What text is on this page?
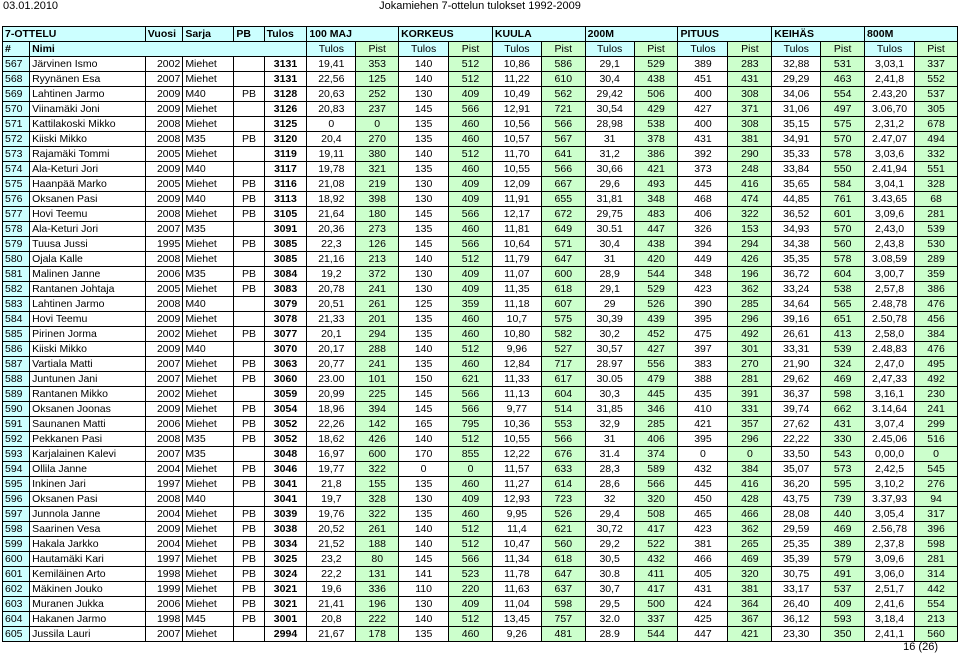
03.01.2010	Jokamiehen 7-ottelun tulokset 1992-2009
7-OTTELU		Vuosi	Sarja	PB	Tulos	100 MAJ		KORKEUS		KUULA		200M		PITUUS		KEIHÄS		800M	
#	Nimi					Tulos	Pist	Tulos	Pist	Tulos	Pist	Tulos	Pist	Tulos	Pist	Tulos	Pist	Tulos	Pist
567	Järvinen Ismo	2002	Miehet		3131	19,41	353	140	512	10,86	586	29,1	529	389	283	32,88	531	3,03,1	337
568	Ryynänen Esa	2007	Miehet		3131	22,56	125	140	512	11,22	610	30,4	438	451	431	29,29	463	2,41,8	552
569	Lahtinen Jarmo	2009	M40	PB	3128	20,63	252	130	409	10,49	562	29,42	506	400	308	34,06	554	2.43,20	537
570	Viinamäki Joni	2009	Miehet		3126	20,83	237	145	566	12,91	721	30,54	429	427	371	31,06	497	3.06,70	305
571	Kattilakoski Mikko	2008	Miehet		3125	0	0	135	460	10,56	566	28,98	538	400	308	35,15	575	2,31,2	678
572	Kiiski Mikko	2008	M35	PB	3120	20,4	270	135	460	10,57	567	31	378	431	381	34,91	570	2.47,07	494
573	Rajamäki Tommi	2005	Miehet		3119	19,11	380	140	512	11,70	641	31,2	386	392	290	35,33	578	3,03,6	332
574	Ala-Keturi Jori	2009	M40		3117	19,78	321	135	460	10,55	566	30,66	421	373	248	33,84	550	2.41,94	551
575	Haanpää Marko	2005	Miehet	PB	3116	21,08	219	130	409	12,09	667	29,6	493	445	416	35,65	584	3,04,1	328
576	Oksanen Pasi	2009	M40	PB	3113	18,92	398	130	409	11,91	655	31,81	348	468	474	44,85	761	3.43,65	68
577	Hovi Teemu	2008	Miehet	PB	3105	21,64	180	145	566	12,17	672	29,75	483	406	322	36,52	601	3,09,6	281
578	Ala-Keturi Jori	2007	M35		3091	20,36	273	135	460	11,81	649	30.51	447	326	153	34,93	570	2,43,0	539
579	Tuusa Jussi	1995	Miehet	PB	3085	22,3	126	145	566	10,64	571	30,4	438	394	294	34,38	560	2,43,8	530
580	Ojala Kalle	2008	Miehet		3085	21,16	213	140	512	11,79	647	31	420	449	426	35,35	578	3.08,59	289
581	Malinen Janne	2006	M35	PB	3084	19,2	372	130	409	11,07	600	28,9	544	348	196	36,72	604	3,00,7	359
582	Rantanen Johtaja	2005	Miehet	PB	3083	20,78	241	130	409	11,35	618	29,1	529	423	362	33,24	538	2,57,8	386
583	Lahtinen Jarmo	2008	M40		3079	20,51	261	125	359	11,18	607	29	526	390	285	34,64	565	2.48,78	476
584	Hovi Teemu	2009	Miehet		3078	21,33	201	135	460	10,7	575	30,39	439	395	296	39,16	651	2.50,78	456
585	Pirinen Jorma	2002	Miehet	PB	3077	20,1	294	135	460	10,80	582	30,2	452	475	492	26,61	413	2,58,0	384
586	Kiiski Mikko	2009	M40		3070	20,17	288	140	512	9,96	527	30,57	427	397	301	33,31	539	2.48,83	476
587	Vartiala Matti	2007	Miehet	PB	3063	20,77	241	135	460	12,84	717	28.97	556	383	270	21,90	324	2,47,0	495
588	Juntunen Jani	2007	Miehet	PB	3060	23.00	101	150	621	11,33	617	30.05	479	388	281	29,62	469	2,47,33	492
589	Rantanen Mikko	2002	Miehet		3059	20,99	225	145	566	11,13	604	30,3	445	435	391	36,37	598	3,16,1	230
590	Oksanen Joonas	2009	Miehet	PB	3054	18,96	394	145	566	9,77	514	31,85	346	410	331	39,74	662	3.14,64	241
591	Saunanen Matti	2006	Miehet	PB	3052	22,26	142	165	795	10,36	553	32,9	285	421	357	27,62	431	3,07,4	299
592	Pekkanen Pasi	2008	M35	PB	3052	18,62	426	140	512	10,55	566	31	406	395	296	22,22	330	2.45,06	516
593	Karjalainen Kalevi	2007	M35		3048	16,97	600	170	855	12,22	676	31.4	374	0	0	33,50	543	0,00,0	0
594	Ollila Janne	2004	Miehet	PB	3046	19,77	322	0	0	11,57	633	28,3	589	432	384	35,07	573	2,42,5	545
595	Inkinen Jari	1997	Miehet	PB	3041	21,8	155	135	460	11,27	614	28,6	566	445	416	36,20	595	3,10,2	276
596	Oksanen Pasi	2008	M40		3041	19,7	328	130	409	12,93	723	32	320	450	428	43,75	739	3.37,93	94
597	Junnola Janne	2004	Miehet	PB	3039	19,76	322	135	460	9,95	526	29,4	508	465	466	28,08	440	3,05,4	317
598	Saarinen Vesa	2009	Miehet	PB	3038	20,52	261	140	512	11,4	621	30,72	417	423	362	29,59	469	2.56,78	396
599	Hakala Jarkko	2004	Miehet	PB	3034	21,52	188	140	512	10,47	560	29,2	522	381	265	25,35	389	2,37,8	598
600	Hautamäki Kari	1997	Miehet	PB	3025	23,2	80	145	566	11,34	618	30,5	432	466	469	35,39	579	3,09,6	281
601	Kemiläinen Arto	1998	Miehet	PB	3024	22,2	131	141	523	11,78	647	30.8	411	405	320	30,75	491	3,06,0	314
602	Mäkinen Jouko	1999	Miehet	PB	3021	19,6	336	110	220	11,63	637	30,7	417	431	381	33,17	537	2,51,7	442
603	Muranen Jukka	2006	Miehet	PB	3021	21,41	196	130	409	11,04	598	29,5	500	424	364	26,40	409	2,41,6	554
604	Hakanen Jarmo	1998	M45	PB	3001	20,8	222	140	512	13,45	757	32.0	337	425	367	36,12	593	3,18,4	213
605	Jussila Lauri	2007	Miehet		2994	21,67	178	135	460	9,26	481	28.9	544	447	421	23,30	350	2,41,1	560
16 (26)
